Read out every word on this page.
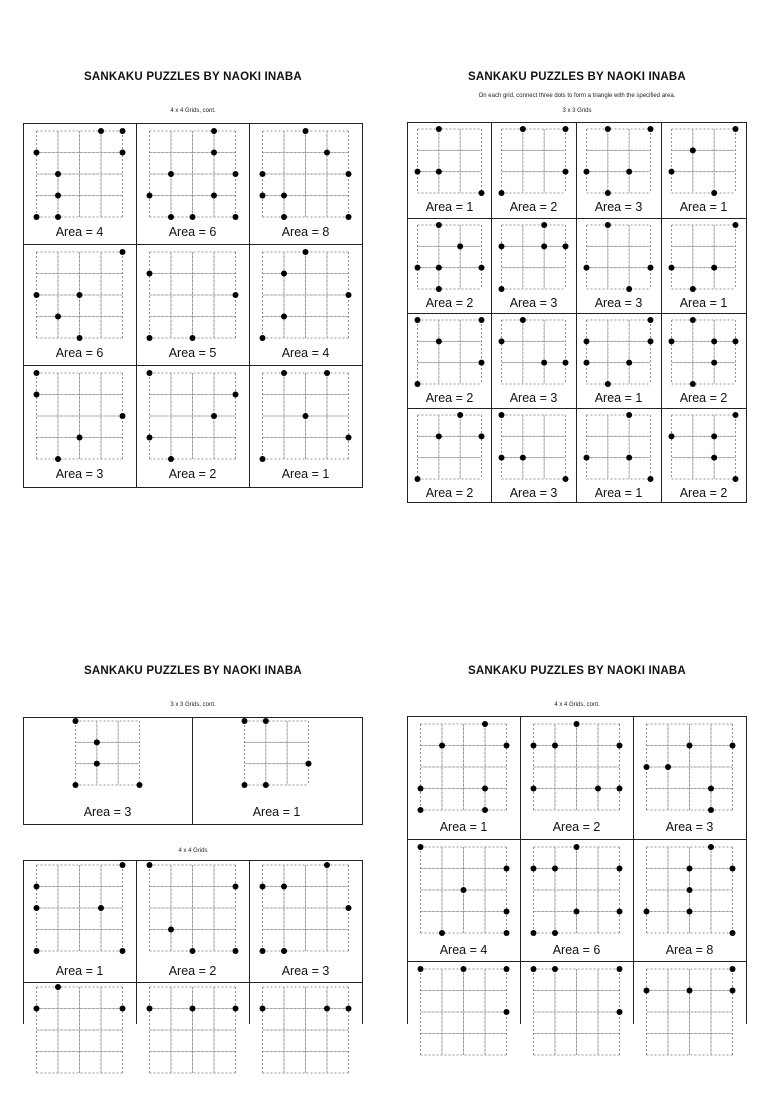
SANKAKU PUZZLES BY NAOKI INABA
4 x 4 Grids, cont.
Area = 4	Area = 6	Area = 8
Area = 6	Area = 5	Area = 4
Area = 3	Area = 2	Area = 1
SANKAKU PUZZLES BY NAOKI INABA
On each grid, connect three dots to form a triangle with the specified area.
3 x 3 Grids
Area = 1	Area = 2	Area = 3	Area = 1
Area = 2	Area = 3	Area = 3	Area = 1
Area = 2	Area = 3	Area = 1	Area = 2
Area = 2	Area = 3	Area = 1	Area = 2
SANKAKU PUZZLES BY NAOKI INABA
3 x 3 Grids, cont.
Area = 3	Area = 1
4 x 4 Grids
Area = 1	Area = 2	Area = 3
SANKAKU PUZZLES BY NAOKI INABA
4 x 4 Grids, cont.
Area = 1	Area = 2	Area = 3
Area = 4	Area = 6	Area = 8
